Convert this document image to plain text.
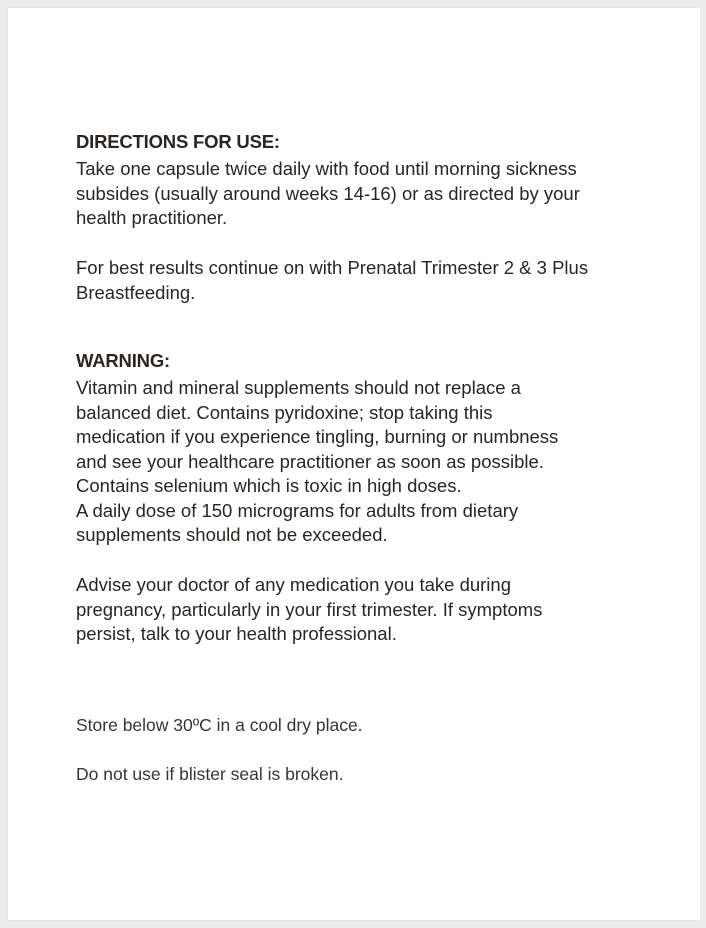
DIRECTIONS FOR USE:

Take one capsule twice daily with food until morning sickness
subsides (usually around weeks 14-16) or as directed by your
health practitioner.

For best results continue on with Prenatal Trimester 2 & 3 Plus
Breastfeeding.

WARNING:

Vitamin and mineral supplements should not replace a
balanced diet. Contains pyridoxine; stop taking this
medication if you experience tingling, burning or numbness
and see your healthcare practitioner as soon as possible.
Contains selenium which is toxic in high doses.
A daily dose of 150 micrograms for adults from dietary
supplements should not be exceeded.

Advise your doctor of any medication you take during
pregnancy, particularly in your first trimester. If symptoms
persist, talk to your health professional.

Store below 30ºC in a cool dry place.

Do not use if blister seal is broken.
